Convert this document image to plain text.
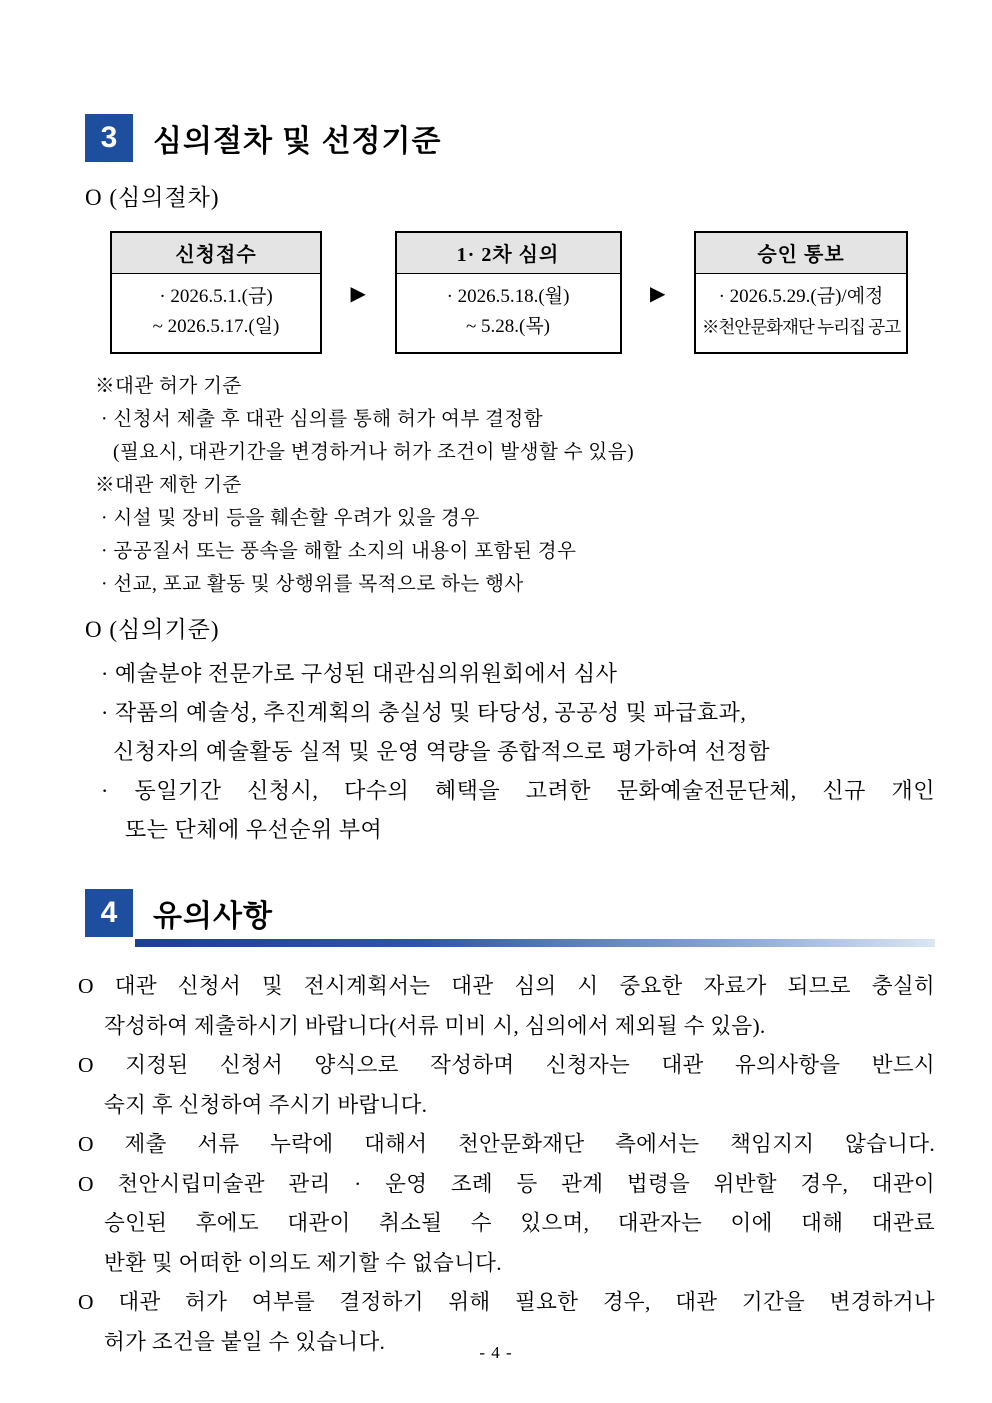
3	심의절차 및 선정기준
O (심의절차)
신청접수
· 2026.5.1.(금)
~ 2026.5.17.(일)
▶
1· 2차 심의
· 2026.5.18.(월)
~ 5.28.(목)
▶
승인 통보
· 2026.5.29.(금)/예정
※천안문화재단 누리집 공고
※대관 허가 기준
· 신청서 제출 후 대관 심의를 통해 허가 여부 결정함
(필요시, 대관기간을 변경하거나 허가 조건이 발생할 수 있음)
※대관 제한 기준
· 시설 및 장비 등을 훼손할 우려가 있을 경우
· 공공질서 또는 풍속을 해할 소지의 내용이 포함된 경우
· 선교, 포교 활동 및 상행위를 목적으로 하는 행사
O (심의기준)
· 예술분야 전문가로 구성된 대관심의위원회에서 심사
· 작품의 예술성, 추진계획의 충실성 및 타당성, 공공성 및 파급효과,
신청자의 예술활동 실적 및 운영 역량을 종합적으로 평가하여 선정함
· 동일기간 신청시, 다수의 혜택을 고려한 문화예술전문단체, 신규 개인
또는 단체에 우선순위 부여
4	유의사항
O 대관 신청서 및 전시계획서는 대관 심의 시 중요한 자료가 되므로 충실히
작성하여 제출하시기 바랍니다(서류 미비 시, 심의에서 제외될 수 있음).
O 지정된 신청서 양식으로 작성하며 신청자는 대관 유의사항을 반드시
숙지 후 신청하여 주시기 바랍니다.
O 제출 서류 누락에 대해서 천안문화재단 측에서는 책임지지 않습니다.
O 천안시립미술관 관리 · 운영 조례 등 관계 법령을 위반할 경우, 대관이
승인된 후에도 대관이 취소될 수 있으며, 대관자는 이에 대해 대관료
반환 및 어떠한 이의도 제기할 수 없습니다.
O 대관 허가 여부를 결정하기 위해 필요한 경우, 대관 기간을 변경하거나
허가 조건을 붙일 수 있습니다.	- 4 -
